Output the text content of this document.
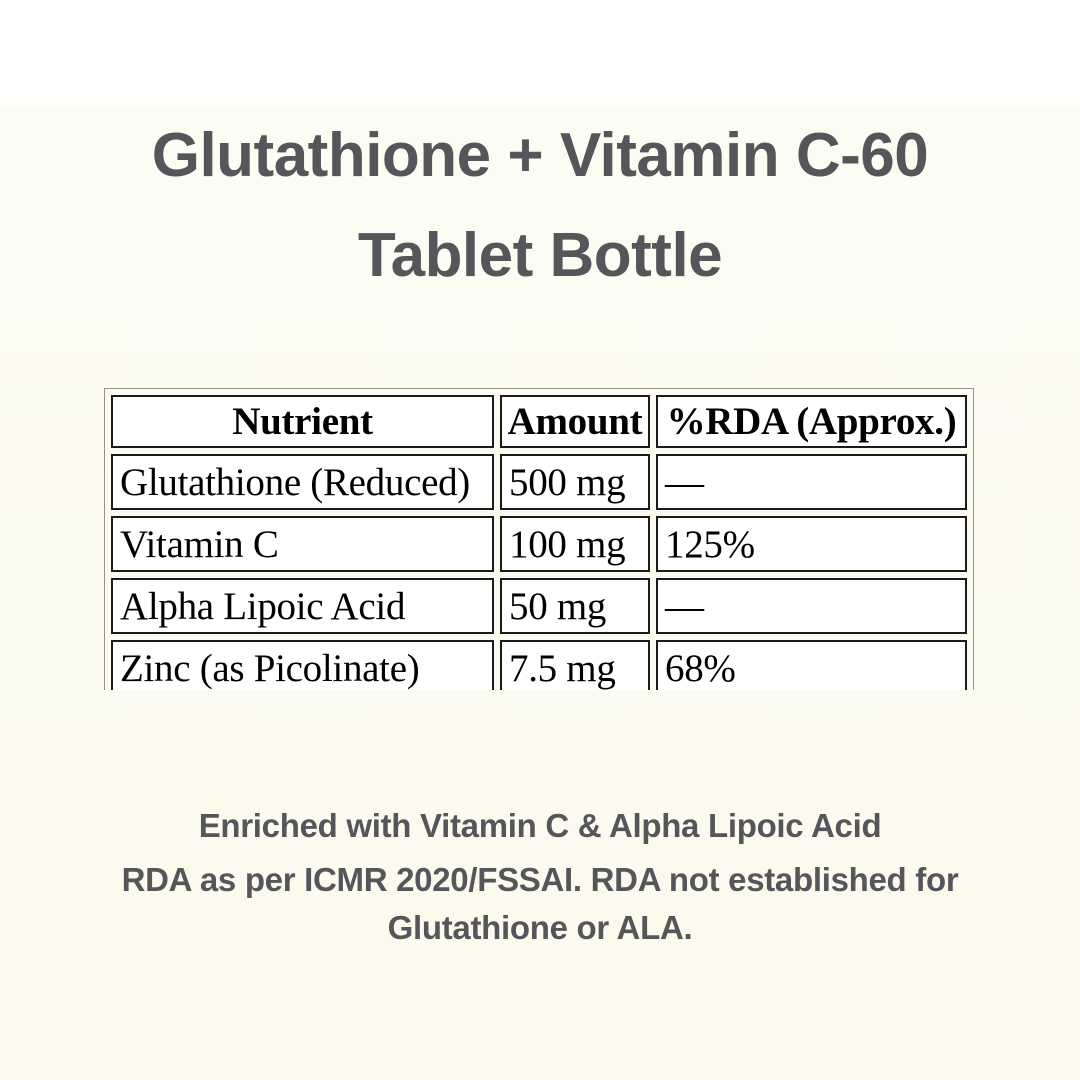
Glutathione + Vitamin C-60
Tablet Bottle
Nutrient	Amount	%RDA (Approx.)
Glutathione (Reduced)	500 mg	—
Vitamin C	100 mg	125%
Alpha Lipoic Acid	50 mg	—
Zinc (as Picolinate)	7.5 mg	68%

Enriched with Vitamin C & Alpha Lipoic Acid

RDA as per ICMR 2020/FSSAI. RDA not established for
Glutathione or ALA.
